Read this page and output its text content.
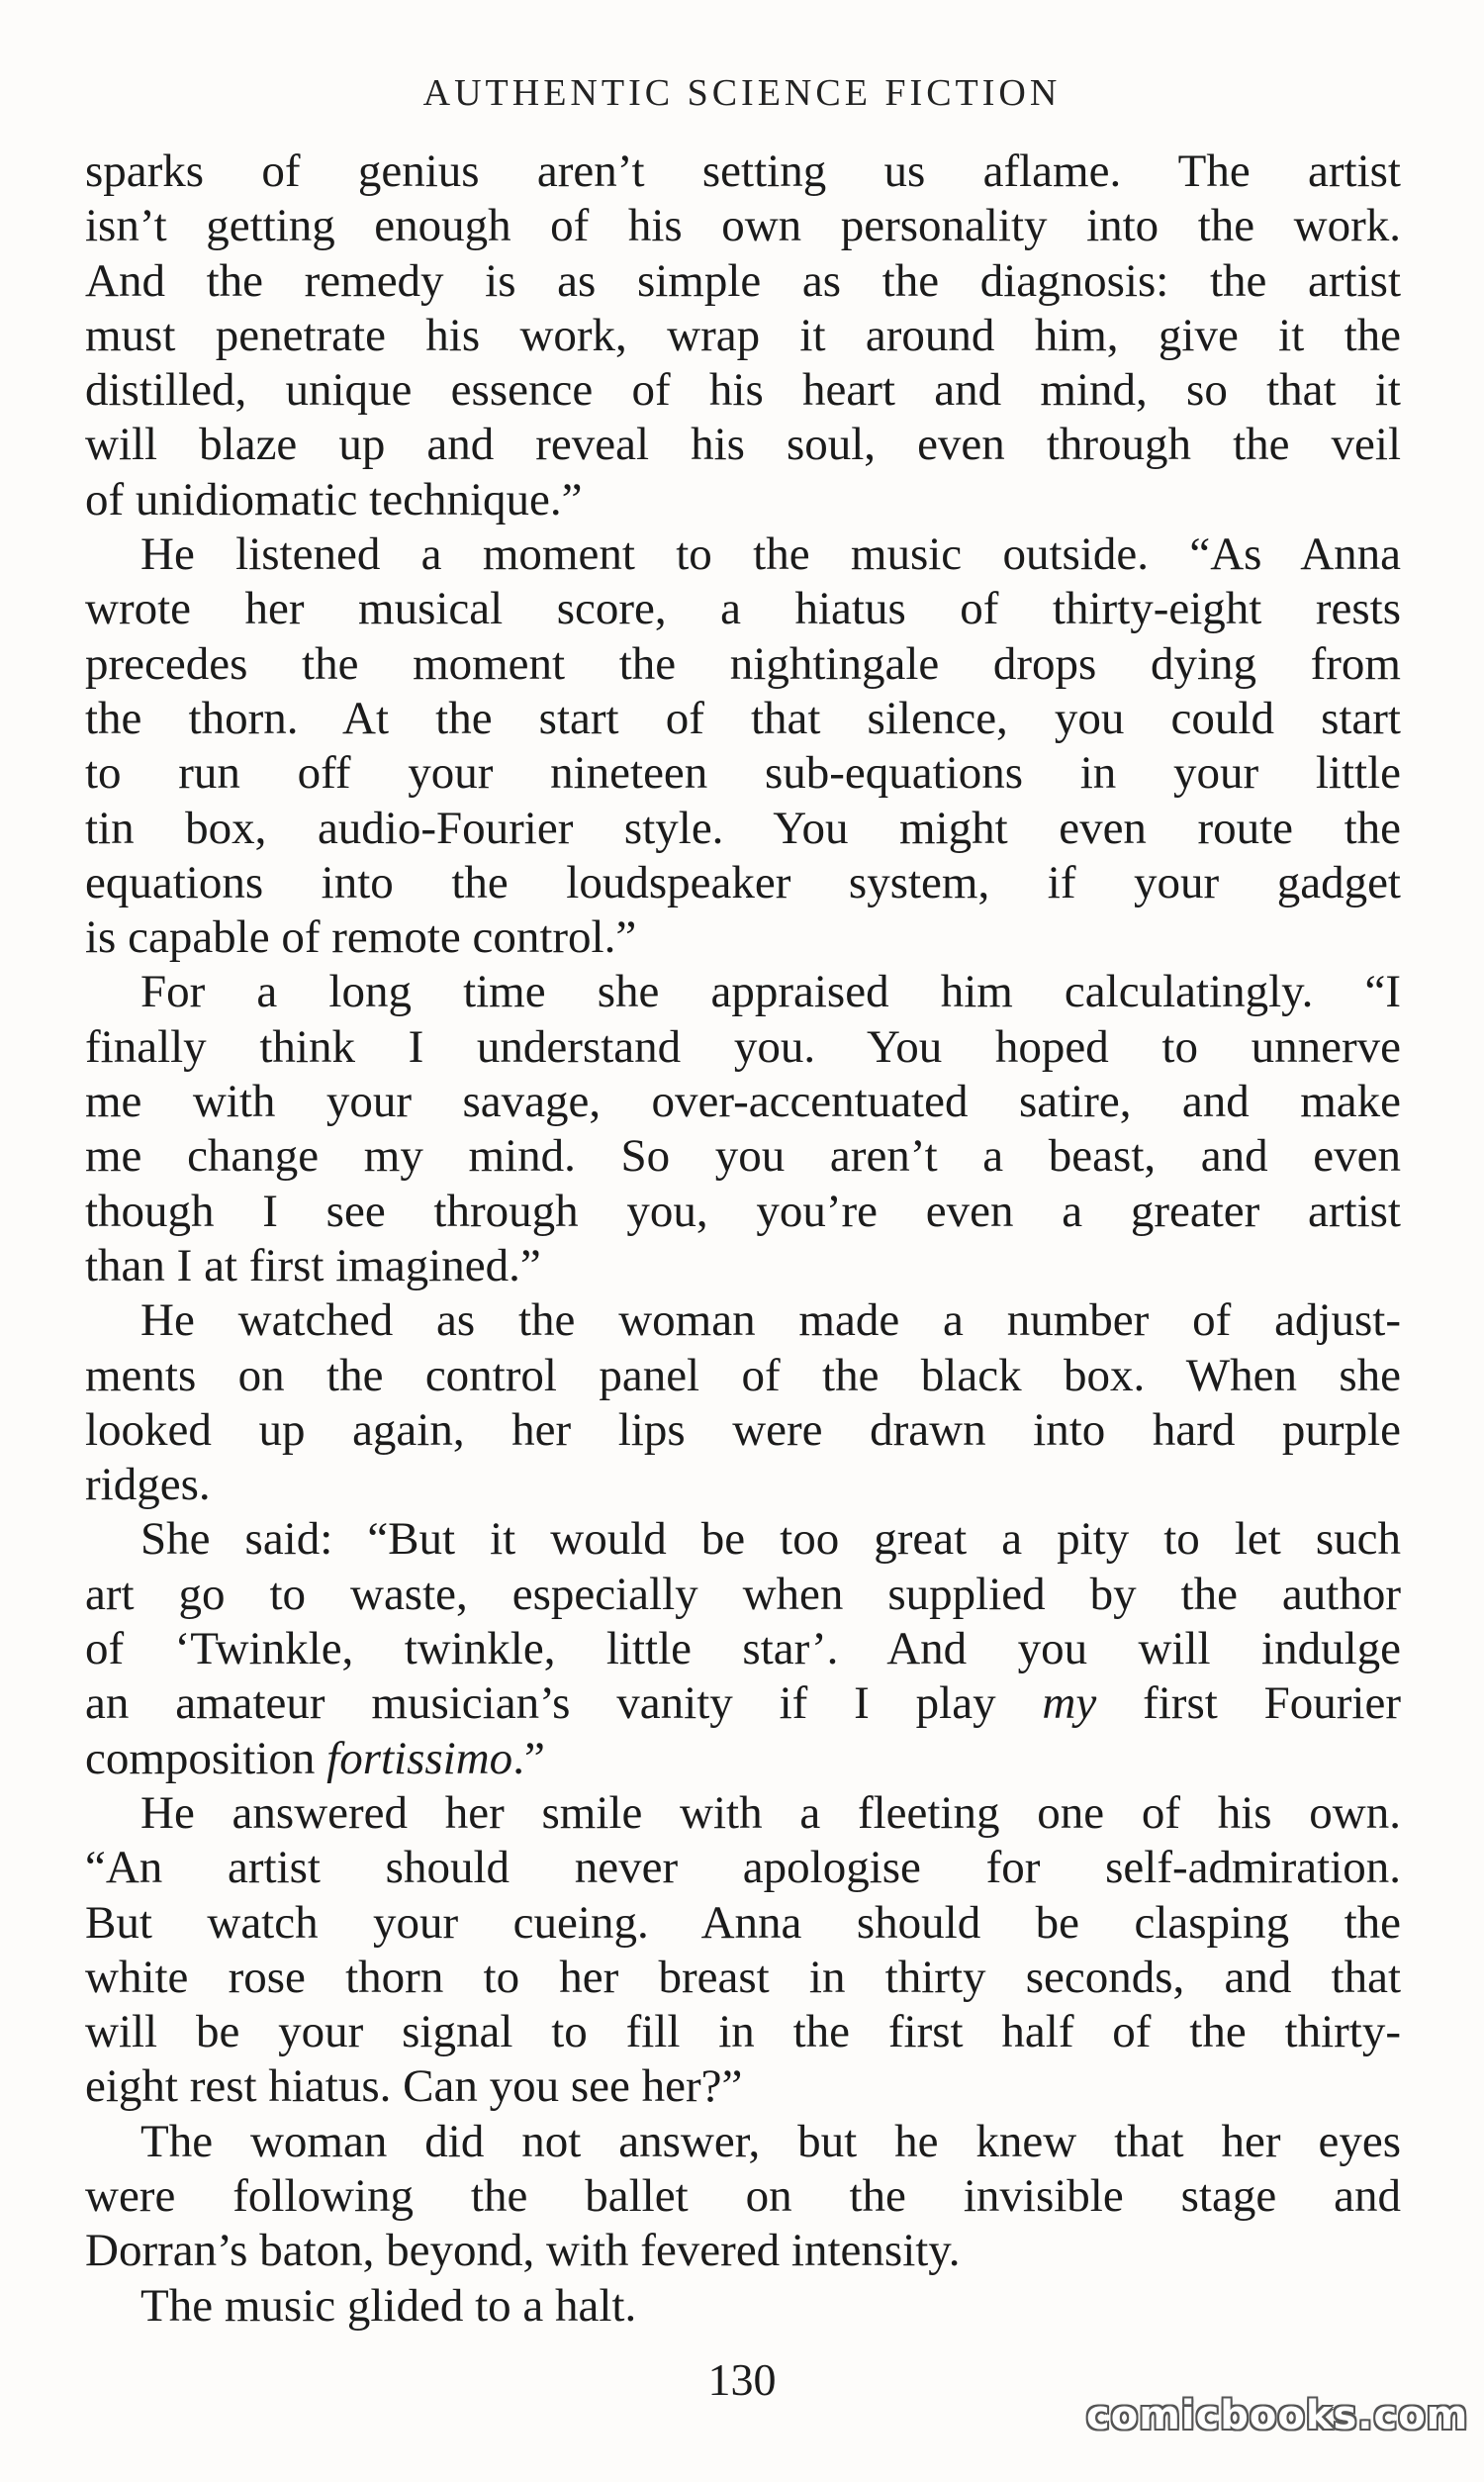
AUTHENTIC SCIENCE FICTION
sparks of genius aren’t setting us aflame. The artist
isn’t getting enough of his own personality into the work.
And the remedy is as simple as the diagnosis: the artist
must penetrate his work, wrap it around him, give it the
distilled, unique essence of his heart and mind, so that it
will blaze up and reveal his soul, even through the veil
of unidiomatic technique.”
He listened a moment to the music outside. “As Anna
wrote her musical score, a hiatus of thirty-eight rests
precedes the moment the nightingale drops dying from
the thorn. At the start of that silence, you could start
to run off your nineteen sub-equations in your little
tin box, audio-Fourier style. You might even route the
equations into the loudspeaker system, if your gadget
is capable of remote control.”
For a long time she appraised him calculatingly. “I
finally think I understand you. You hoped to unnerve
me with your savage, over-accentuated satire, and make
me change my mind. So you aren’t a beast, and even
though I see through you, you’re even a greater artist
than I at first imagined.”
He watched as the woman made a number of adjust-
ments on the control panel of the black box. When she
looked up again, her lips were drawn into hard purple
ridges.
She said: “But it would be too great a pity to let such
art go to waste, especially when supplied by the author
of ‘Twinkle, twinkle, little star’. And you will indulge
an amateur musician’s vanity if I play my first Fourier
composition fortissimo.”
He answered her smile with a fleeting one of his own.
“An artist should never apologise for self-admiration.
But watch your cueing. Anna should be clasping the
white rose thorn to her breast in thirty seconds, and that
will be your signal to fill in the first half of the thirty-
eight rest hiatus. Can you see her?”
The woman did not answer, but he knew that her eyes
were following the ballet on the invisible stage and
Dorran’s baton, beyond, with fevered intensity.
The music glided to a halt.
130
comicbooks.com
